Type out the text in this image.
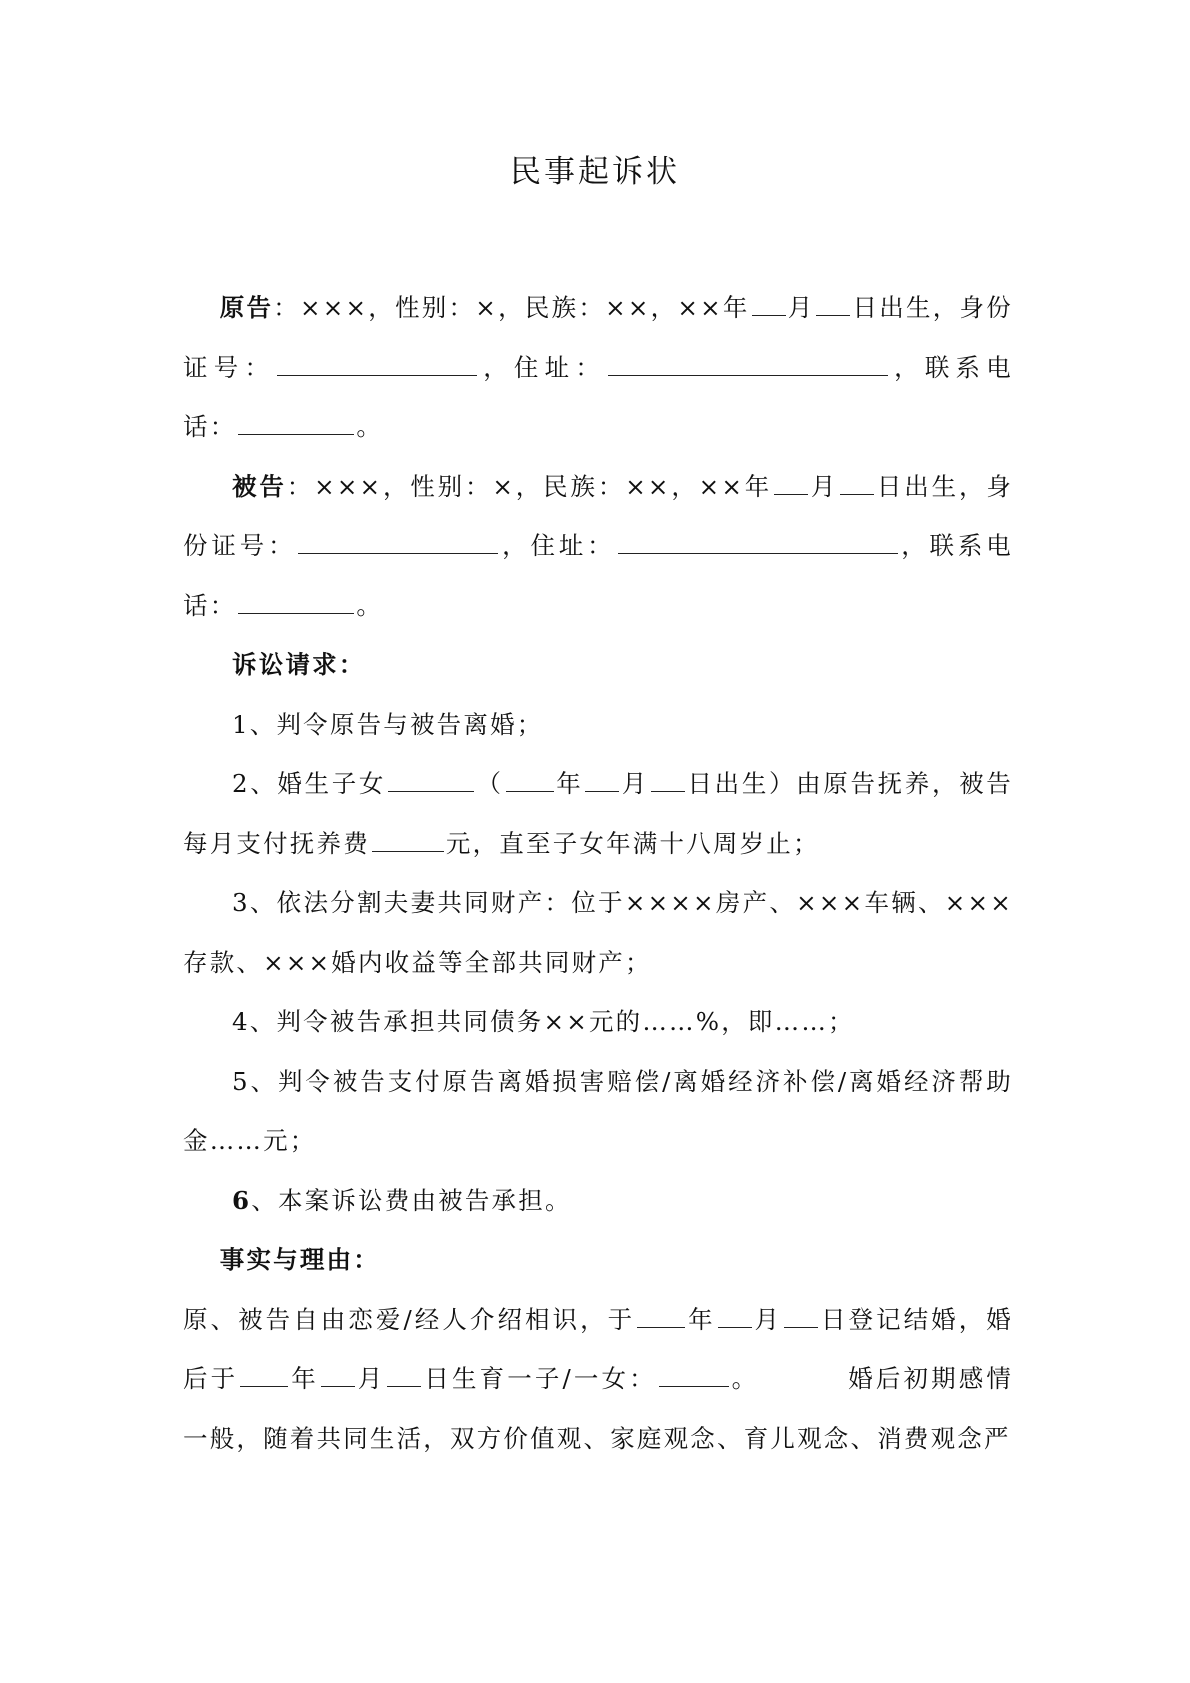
民事起诉状

原告：×××，性别：×，民族：××，××年 月 日出生，身份证号：	，住址：	，联系电话：	。

被告：×××，性别：×，民族：××，××年 月 日出生，身份证号：	，住址：	，联系电话：	。

诉讼请求：

1、判令原告与被告离婚；

2、婚生子女	（ 年 月 日出生）由原告抚养，被告每月支付抚养费	元，直至子女年满十八周岁止；

3、依法分割夫妻共同财产：位于××××房产、×××车辆、×××存款、×××婚内收益等全部共同财产；

4、判令被告承担共同债务××元的……%，即……；

5、判令被告支付原告离婚损害赔偿/离婚经济补偿/离婚经济帮助金……元；

6、本案诉讼费由被告承担。

事实与理由：

原、被告自由恋爱/经人介绍相识，于 年 月 日登记结婚，婚后于 年 月 日生育一子/一女：	。	婚后初期感情一般，随着共同生活，双方价值观、家庭观念、育儿观念、消费观念严
